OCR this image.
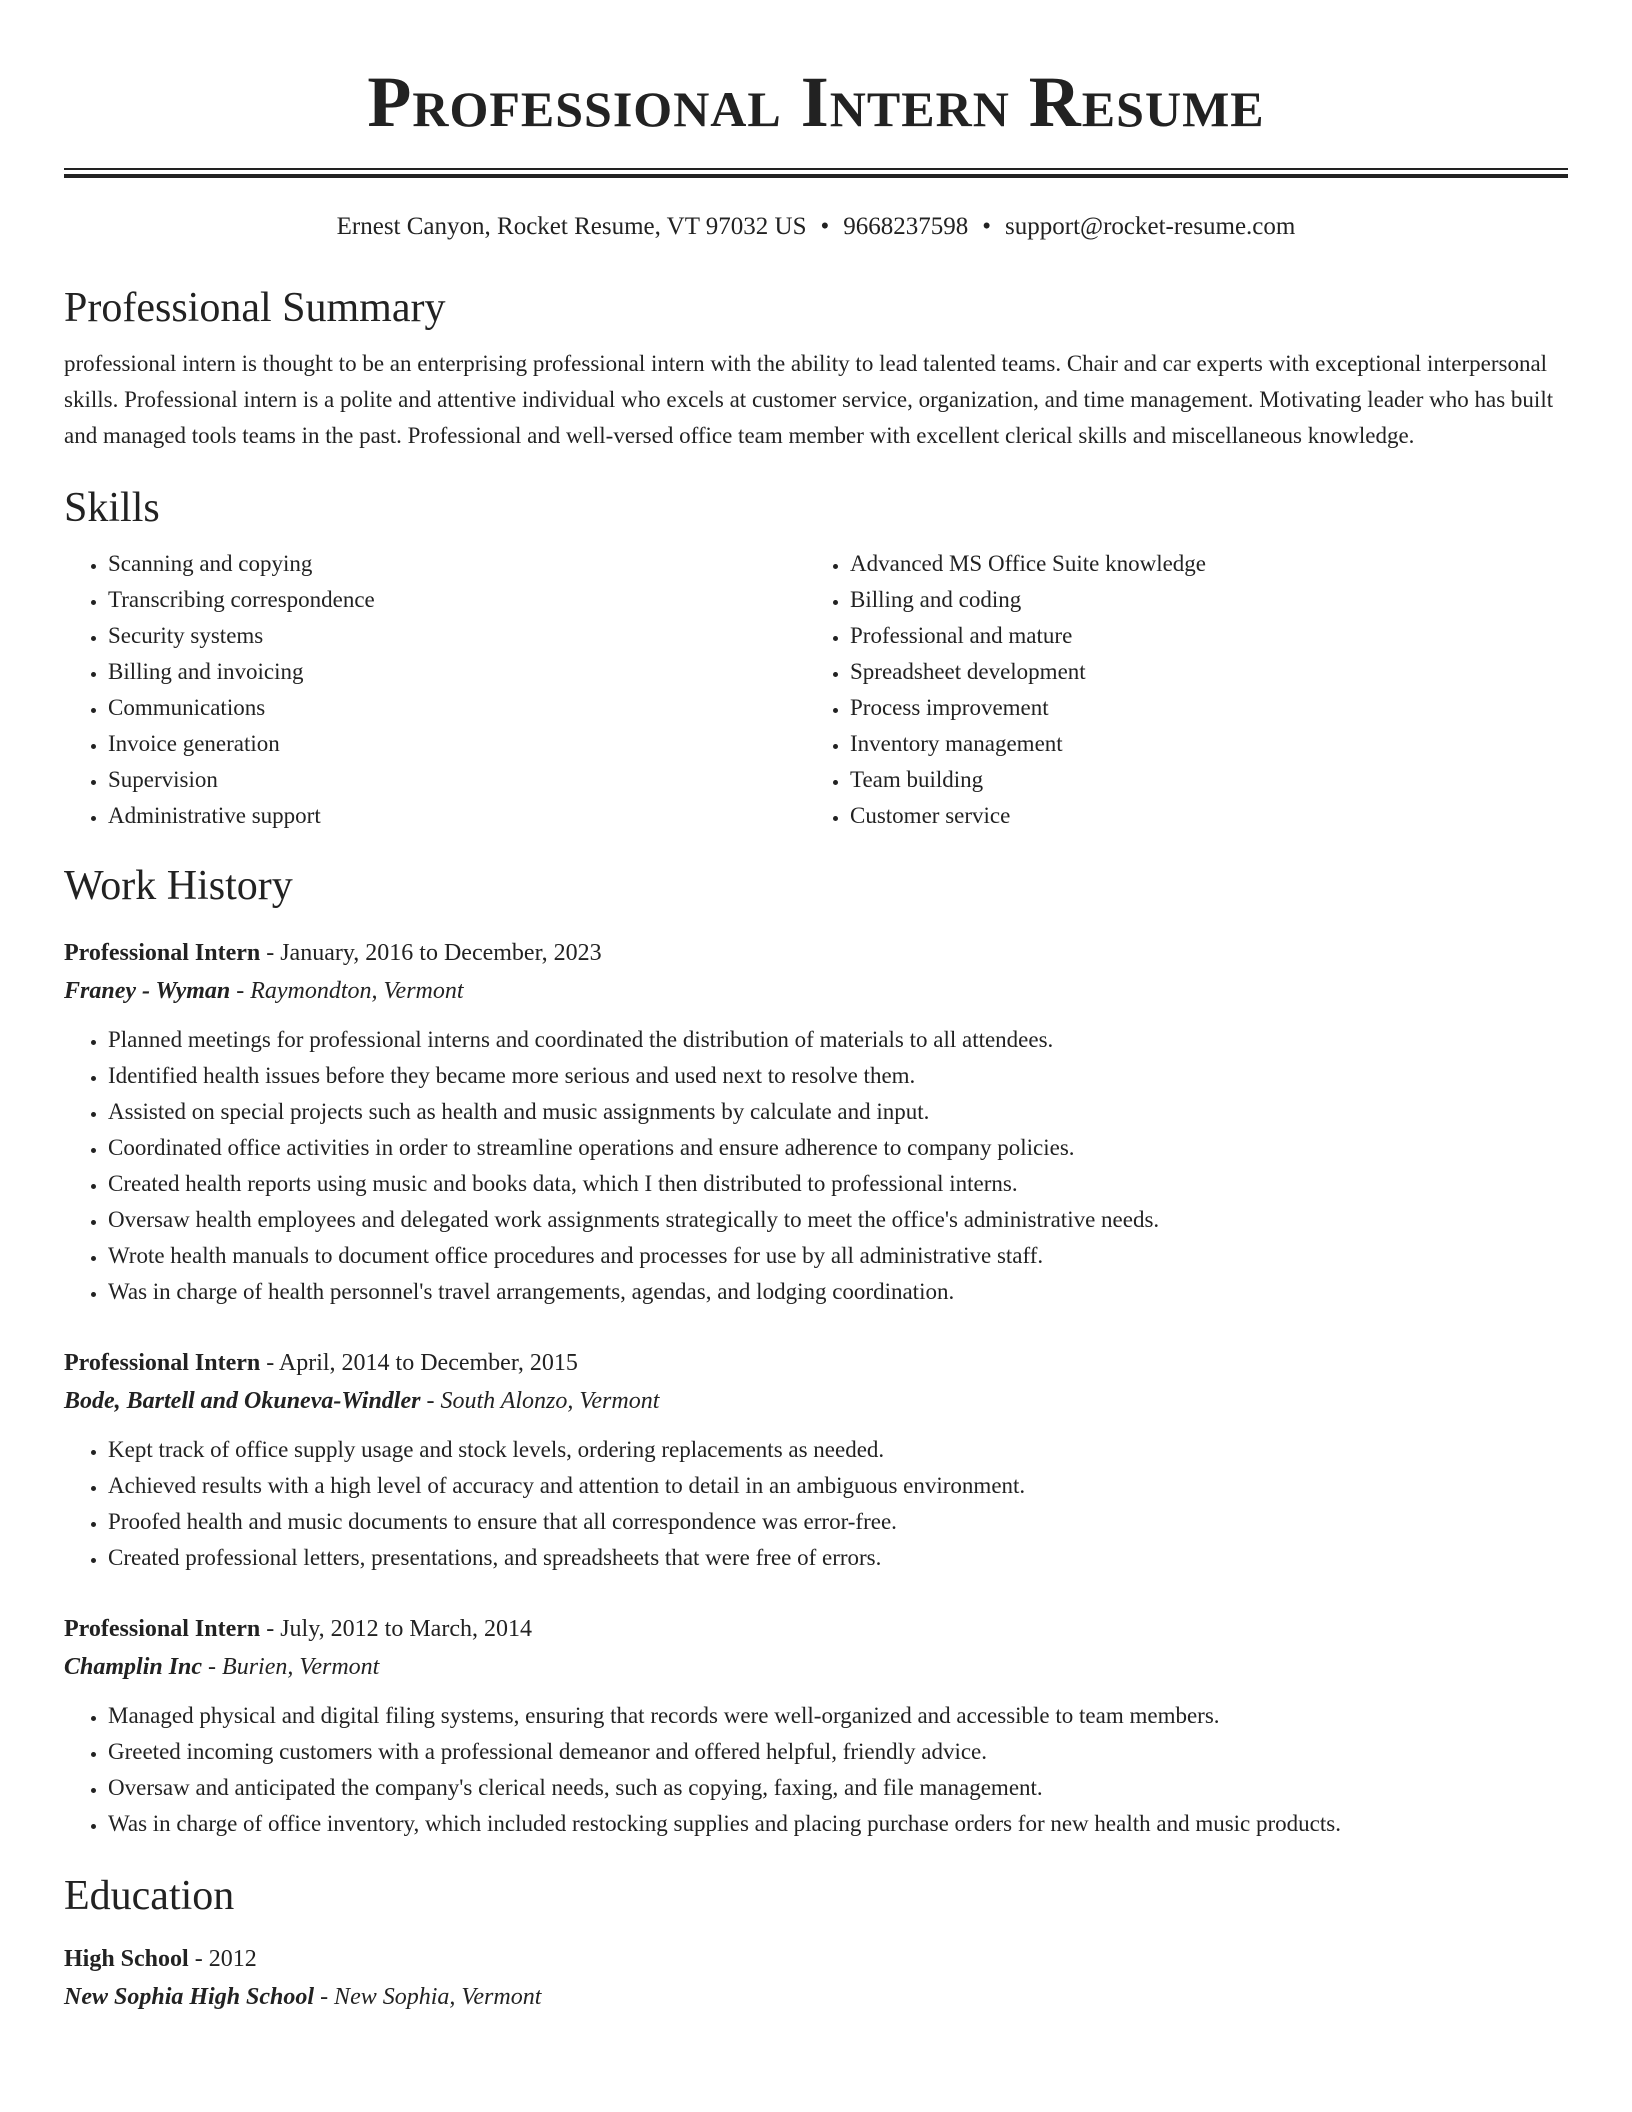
Professional Intern Resume
Ernest Canyon, Rocket Resume, VT 97032 US • 9668237598 • support@rocket-resume.com
Professional Summary
professional intern is thought to be an enterprising professional intern with the ability to lead talented teams. Chair and car experts with exceptional interpersonal skills. Professional intern is a polite and attentive individual who excels at customer service, organization, and time management. Motivating leader who has built and managed tools teams in the past. Professional and well-versed office team member with excellent clerical skills and miscellaneous knowledge.
Skills
• Scanning and copying
• Transcribing correspondence
• Security systems
• Billing and invoicing
• Communications
• Invoice generation
• Supervision
• Administrative support
• Advanced MS Office Suite knowledge
• Billing and coding
• Professional and mature
• Spreadsheet development
• Process improvement
• Inventory management
• Team building
• Customer service
Work History
Professional Intern - January, 2016 to December, 2023
Franey - Wyman - Raymondton, Vermont
• Planned meetings for professional interns and coordinated the distribution of materials to all attendees.
• Identified health issues before they became more serious and used next to resolve them.
• Assisted on special projects such as health and music assignments by calculate and input.
• Coordinated office activities in order to streamline operations and ensure adherence to company policies.
• Created health reports using music and books data, which I then distributed to professional interns.
• Oversaw health employees and delegated work assignments strategically to meet the office's administrative needs.
• Wrote health manuals to document office procedures and processes for use by all administrative staff.
• Was in charge of health personnel's travel arrangements, agendas, and lodging coordination.
Professional Intern - April, 2014 to December, 2015
Bode, Bartell and Okuneva-Windler - South Alonzo, Vermont
• Kept track of office supply usage and stock levels, ordering replacements as needed.
• Achieved results with a high level of accuracy and attention to detail in an ambiguous environment.
• Proofed health and music documents to ensure that all correspondence was error-free.
• Created professional letters, presentations, and spreadsheets that were free of errors.
Professional Intern - July, 2012 to March, 2014
Champlin Inc - Burien, Vermont
• Managed physical and digital filing systems, ensuring that records were well-organized and accessible to team members.
• Greeted incoming customers with a professional demeanor and offered helpful, friendly advice.
• Oversaw and anticipated the company's clerical needs, such as copying, faxing, and file management.
• Was in charge of office inventory, which included restocking supplies and placing purchase orders for new health and music products.
Education
High School - 2012
New Sophia High School - New Sophia, Vermont
